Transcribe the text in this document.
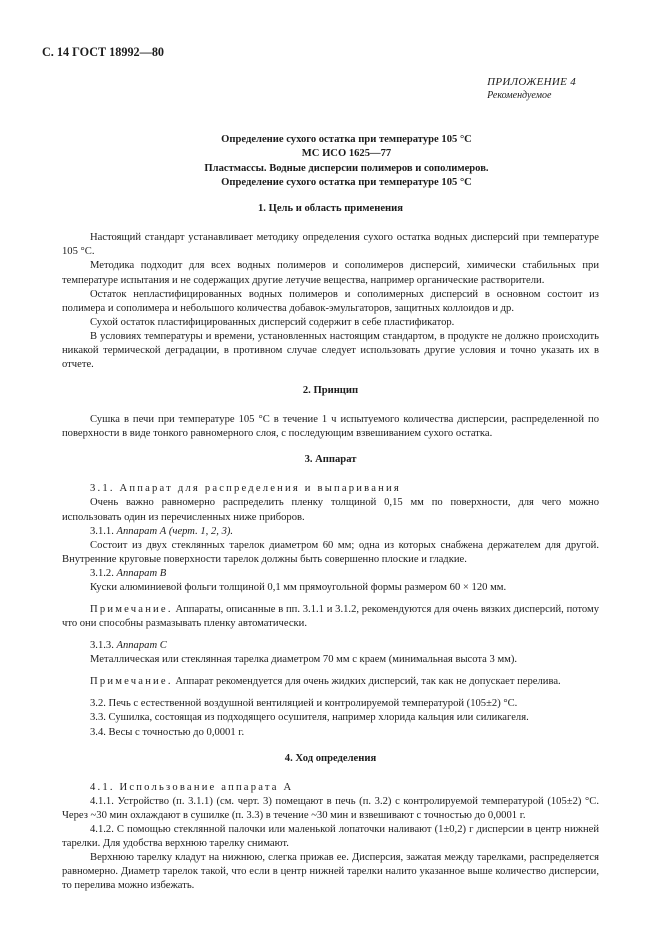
С. 14 ГОСТ 18992—80
ПРИЛОЖЕНИЕ 4
Рекомендуемое
Определение сухого остатка при температуре 105 °С
МС ИСО 1625—77
Пластмассы. Водные дисперсии полимеров и сополимеров.
Определение сухого остатка при температуре 105 °С
1. Цель и область применения

Настоящий стандарт устанавливает методику определения сухого остатка водных дисперсий при температуре 105 °С.

Методика подходит для всех водных полимеров и сополимеров дисперсий, химически стабильных при температуре испытания и не содержащих другие летучие вещества, например органические растворители.

Остаток непластифицированных водных полимеров и сополимерных дисперсий в основном состоит из полимера и сополимера и небольшого количества добавок-эмульгаторов, защитных коллоидов и др.

Сухой остаток пластифицированных дисперсий содержит в себе пластификатор.

В условиях температуры и времени, установленных настоящим стандартом, в продукте не должно происходить никакой термической деградации, в противном случае следует использовать другие условия и точно указать их в отчете.

2. Принцип

Сушка в печи при температуре 105 °С в течение 1 ч испытуемого количества дисперсии, распределенной по поверхности в виде тонкого равномерного слоя, с последующим взвешиванием сухого остатка.

3. Аппарат

3.1. Аппарат для распределения и выпаривания

Очень важно равномерно распределить пленку толщиной 0,15 мм по поверхности, для чего можно использовать один из перечисленных ниже приборов.

3.1.1. Аппарат А (черт. 1, 2, 3).

Состоит из двух стеклянных тарелок диаметром 60 мм; одна из которых снабжена держателем для другой. Внутренние круговые поверхности тарелок должны быть совершенно плоские и гладкие.

3.1.2. Аппарат В

Куски алюминиевой фольги толщиной 0,1 мм прямоугольной формы размером 60 × 120 мм.

Примечание. Аппараты, описанные в пп. 3.1.1 и 3.1.2, рекомендуются для очень вязких дисперсий, потому что они способны размазывать пленку автоматически.

3.1.3. Аппарат С

Металлическая или стеклянная тарелка диаметром 70 мм с краем (минимальная высота 3 мм).

Примечание. Аппарат рекомендуется для очень жидких дисперсий, так как не допускает перелива.

3.2. Печь с естественной воздушной вентиляцией и контролируемой температурой (105±2) °С.

3.3. Сушилка, состоящая из подходящего осушителя, например хлорида кальция или силикагеля.

3.4. Весы с точностью до 0,0001 г.

4. Ход определения

4.1. Использование аппарата А

4.1.1. Устройство (п. 3.1.1) (см. черт. 3) помещают в печь (п. 3.2) с контролируемой температурой (105±2) °С. Через ~30 мин охлаждают в сушилке (п. 3.3) в течение ~30 мин и взвешивают с точностью до 0,0001 г.

4.1.2. С помощью стеклянной палочки или маленькой лопаточки наливают (1±0,2) г дисперсии в центр нижней тарелки. Для удобства верхнюю тарелку снимают.

Верхнюю тарелку кладут на нижнюю, слегка прижав ее. Дисперсия, зажатая между тарелками, распределяется равномерно. Диаметр тарелок такой, что если в центр нижней тарелки налито указанное выше количество дисперсии, то перелива можно избежать.
